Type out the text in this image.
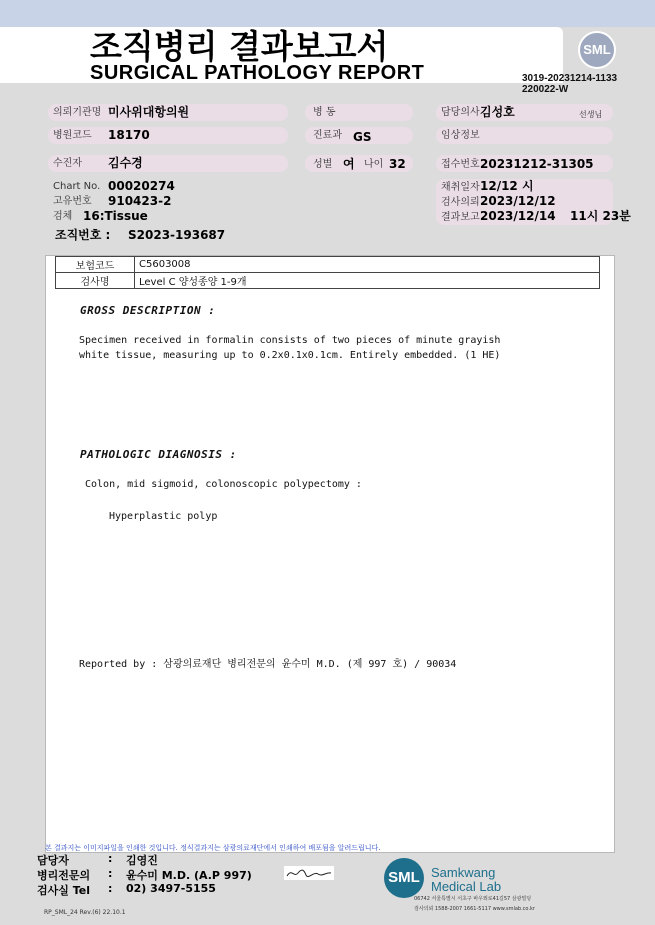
조직병리 결과보고서
SURGICAL PATHOLOGY REPORT
SML
3019-20231214-1133
220022-W
의뢰기관명 미사위대항의원
병원코드 18170
수진자 김수경
Chart No. 00020274
고유번호 910423-2
검체 16:Tissue
조직번호 : S2023-193687
병 동
진료과 GS
성별 여 나이 32
담당의사 김성호	선생님
임상정보
접수번호 20231212-31305
채취일자 12/12 시
검사의뢰 2023/12/12
결과보고 2023/12/14 11시 23분
보험코드	C5603008
검사명	Level C 양성종양 1-9개
GROSS DESCRIPTION :
Specimen received in formalin consists of two pieces of minute grayish
white tissue, measuring up to 0.2x0.1x0.1cm. Entirely embedded. (1 HE)
PATHOLOGIC DIAGNOSIS :
Colon, mid sigmoid, colonoscopic polypectomy :
Hyperplastic polyp
Reported by : 삼광의료재단 병리전문의 윤수미 M.D. (제 997 호) / 90034
본 결과지는 이미지파일을 인쇄한 것입니다. 정식결과지는 삼광의료재단에서 인쇄하여 배포됨을 알려드립니다.
담당자	: 김영진
병리전문의 : 윤수미 M.D. (A.P 997)
검사실 Tel : 02) 3497-5155
RP_SML_24 Rev.(6) 22.10.1
SML Samkwang
Medical Lab
06742 서울특별시 서초구 바우뫼로41길57 삼광빌딩
검사의뢰 1588-2007 1661-5117 www.smlab.co.kr
